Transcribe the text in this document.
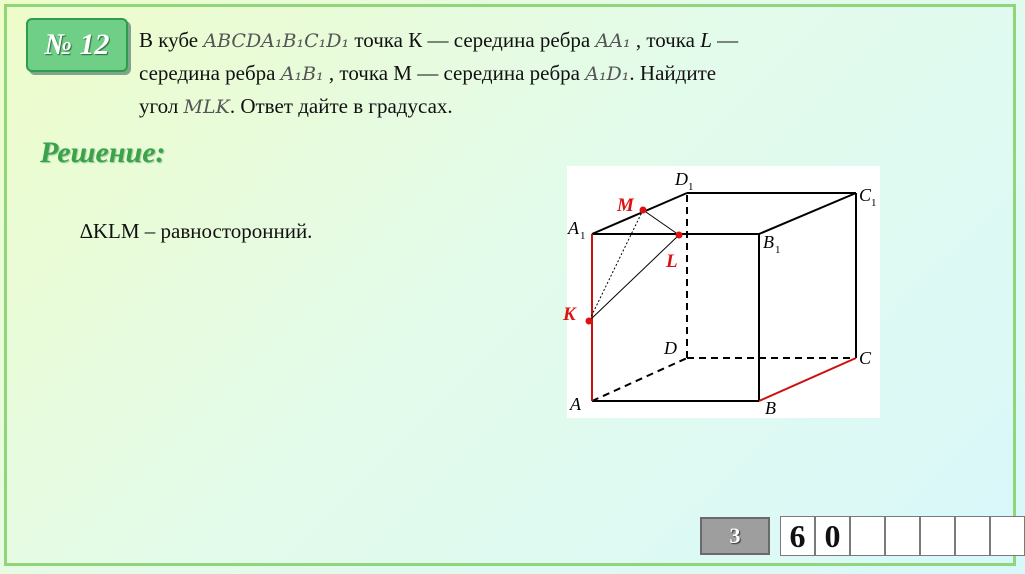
№ 12 В кубе ABCDA₁B₁C₁D₁ точка К — середина ребра AA₁ , точка L —
середина ребра A₁B₁ , точка М — середина ребра A₁D₁. Найдите
угол MLK. Ответ дайте в градусах.
Решение:
∆KLM – равносторонний.
A	B
C
D
A 1	B 1
C 1
D 1
M
L
K
3	6 0
